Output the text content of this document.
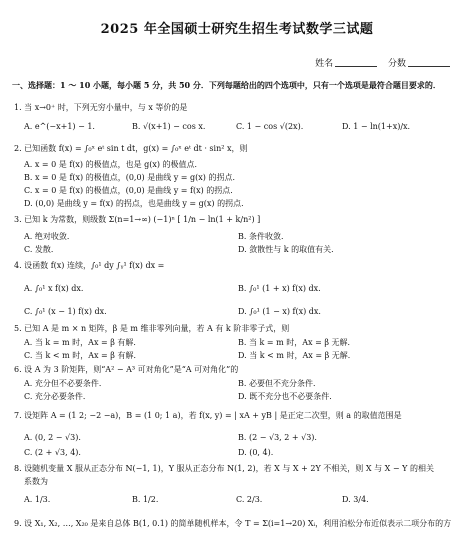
2025 年全国硕士研究生招生考试数学三试题
姓名	分数
一、选择题：1 ～ 10 小题，每小题 5 分，共 50 分．下列每题给出的四个选项中，只有一个选项是最符合题目要求的．
1. 当 x→0⁺ 时，下列无穷小量中，与 x 等价的是
A. e^(−x+1) − 1.	B. √(x+1) − cos x.	C. 1 − cos √(2x).	D. 1 − ln(1+x)/x.
2. 已知函数 f(x) = ∫₀ˣ eᵗ sin t dt，g(x) = ∫₀ˣ eᵗ dt · sin² x，则
A. x = 0 是 f(x) 的极值点，也是 g(x) 的极值点．
B. x = 0 是 f(x) 的极值点，(0,0) 是曲线 y = g(x) 的拐点．
C. x = 0 是 f(x) 的极值点，(0,0) 是曲线 y = f(x) 的拐点．
D. (0,0) 是曲线 y = f(x) 的拐点，也是曲线 y = g(x) 的拐点．
3. 已知 k 为常数，则级数 Σ(n=1→∞) (−1)ⁿ [ 1/n − ln(1 + k/n²) ]
A. 绝对收敛．	B. 条件收敛．
C. 发散．	D. 敛散性与 k 的取值有关．
4. 设函数 f(x) 连续，∫₀¹ dy ∫ᵧ¹ f(x) dx =
A. ∫₀¹ x f(x) dx.	B. ∫₀¹ (1 + x) f(x) dx.
C. ∫₀¹ (x − 1) f(x) dx.	D. ∫₀¹ (1 − x) f(x) dx.
5. 已知 A 是 m × n 矩阵，β 是 m 维非零列向量，若 A 有 k 阶非零子式，则
A. 当 k = m 时，Ax = β 有解．	B. 当 k = m 时，Ax = β 无解．
C. 当 k < m 时，Ax = β 有解．	D. 当 k < m 时，Ax = β 无解．
6. 设 A 为 3 阶矩阵，则“A² − A³ 可对角化”是“A 可对角化”的
A. 充分但不必要条件．	B. 必要但不充分条件．
C. 充分必要条件．	D. 既不充分也不必要条件．
7. 设矩阵 A = (1 2; −2 −a)，B = (1 0; 1 a)，若 f(x, y) = | xA + yB | 是正定二次型，则 a 的取值范围是
A. (0, 2 − √3).	B. (2 − √3, 2 + √3).
C. (2 + √3, 4).	D. (0, 4).
8. 设随机变量 X 服从正态分布 N(−1, 1)，Y 服从正态分布 N(1, 2)，若 X 与 X + 2Y 不相关，则 X 与 X − Y 的相关
系数为
A. 1/3.	B. 1/2.	C. 2/3.	D. 3/4.
9. 设 X₁, X₂, …, X₂₀ 是来自总体 B(1, 0.1) 的简单随机样本，令 T = Σ(i=1→20) Xᵢ，利用泊松分布近似表示二项分布的方
